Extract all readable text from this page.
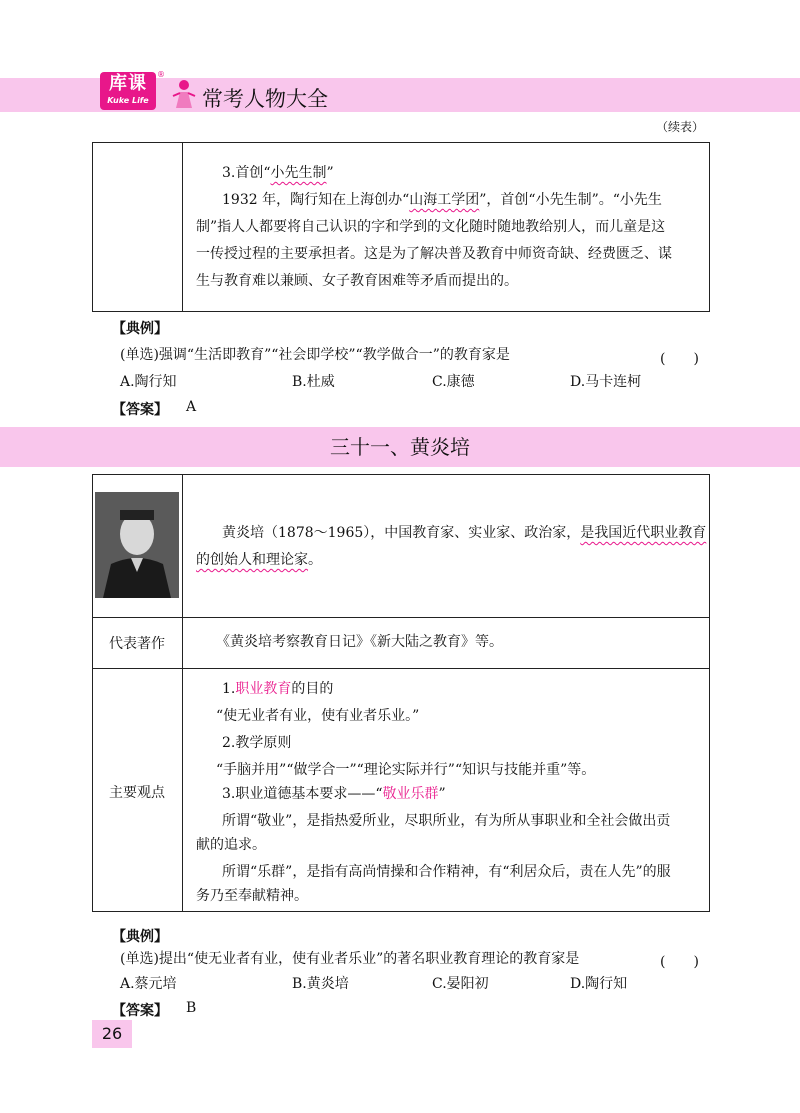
库课
Kuke Life
®
常考人物大全
（续表）
3.首创“小先生制”
1932 年，陶行知在上海创办“山海工学团”，首创“小先生制”。“小先生
制”指人人都要将自己认识的字和学到的文化随时随地教给别人，而儿童是这
一传授过程的主要承担者。这是为了解决普及教育中师资奇缺、经费匮乏、谋
生与教育难以兼顾、女子教育困难等矛盾而提出的。
【典例】
(单选)强调“生活即教育”“社会即学校”“教学做合一”的教育家是	(　　)
A.陶行知	B.杜威	C.康德	D.马卡连柯
【答案】 A
三十一、黄炎培
黄炎培（1878～1965），中国教育家、实业家、政治家，是我国近代职业教育
的创始人和理论家。
代表著作	《黄炎培考察教育日记》《新大陆之教育》等。
主要观点
1.职业教育的目的
“使无业者有业，使有业者乐业。”
2.教学原则
“手脑并用”“做学合一”“理论实际并行”“知识与技能并重”等。
3.职业道德基本要求——“敬业乐群”
所谓“敬业”，是指热爱所业，尽职所业，有为所从事职业和全社会做出贡
献的追求。
所谓“乐群”，是指有高尚情操和合作精神，有“利居众后，责在人先”的服
务乃至奉献精神。
【典例】
(单选)提出“使无业者有业，使有业者乐业”的著名职业教育理论的教育家是	(　　)
A.蔡元培	B.黄炎培	C.晏阳初	D.陶行知
【答案】 B
26
